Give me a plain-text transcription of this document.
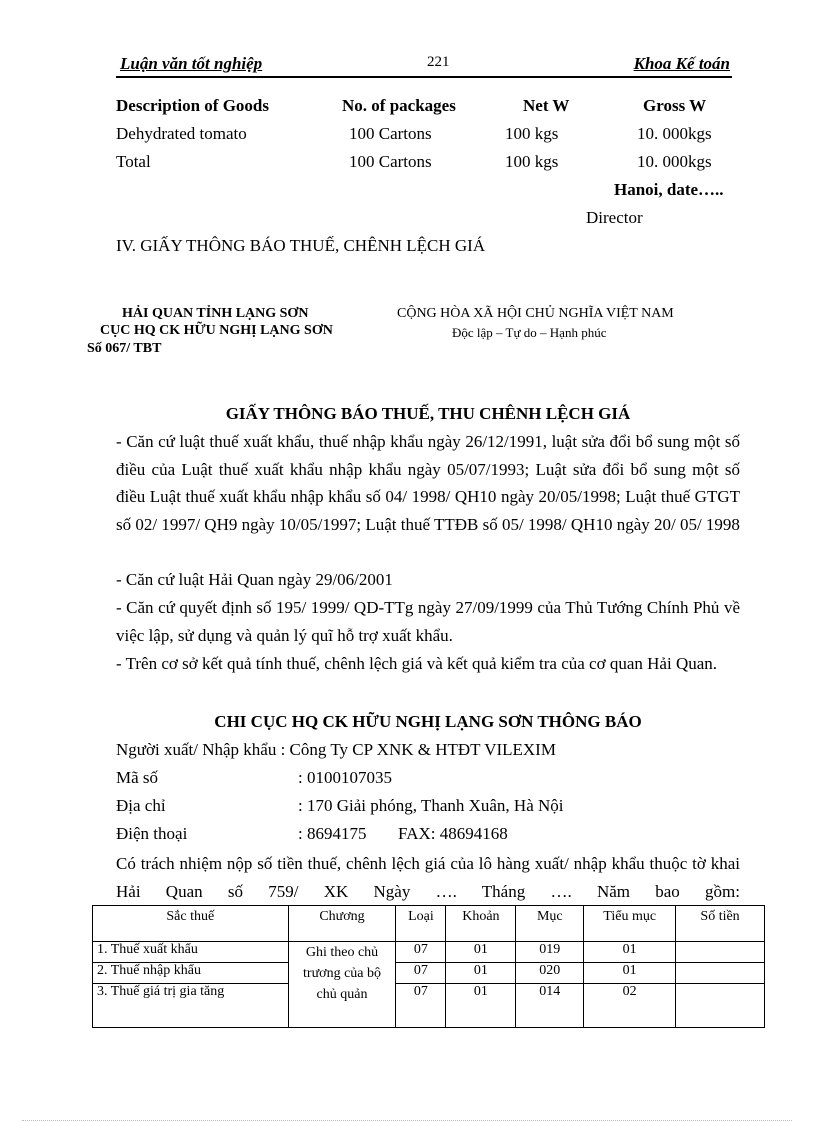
Luận văn tốt nghiệp	221	Khoa Kế toán
Description of Goods	No. of packages	Net W	Gross W
Dehydrated tomato	100 Cartons	100 kgs	10. 000kgs
Total	100 Cartons	100 kgs	10. 000kgs
Hanoi, date…..
Director
IV. GIẤY THÔNG BÁO THUẾ, CHÊNH LỆCH GIÁ
HẢI QUAN TỈNH LẠNG SƠN
CỤC HQ CK HỮU NGHỊ LẠNG SƠN
Số 067/ TBT
CỘNG HÒA XÃ HỘI CHỦ NGHĨA VIỆT NAM
Độc lập – Tự do – Hạnh phúc
GIẤY THÔNG BÁO THUẾ, THU CHÊNH LỆCH GIÁ
- Căn cứ luật thuế xuất khẩu, thuế nhập khẩu ngày 26/12/1991, luật sửa đổi bổ sung một số điều của Luật thuế xuất khẩu nhập khẩu ngày 05/07/1993; Luật sửa đổi bổ sung một số điều Luật thuế xuất khẩu nhập khẩu số 04/ 1998/ QH10 ngày 20/05/1998; Luật thuế GTGT số 02/ 1997/ QH9 ngày 10/05/1997; Luật thuế TTĐB số 05/ 1998/ QH10 ngày 20/ 05/ 1998
- Căn cứ luật Hải Quan ngày 29/06/2001
- Căn cứ quyết định số 195/ 1999/ QD-TTg ngày 27/09/1999 của Thủ Tướng Chính Phủ về việc lập, sử dụng và quản lý quĩ hỗ trợ xuất khẩu.
- Trên cơ sở kết quả tính thuế, chênh lệch giá và kết quả kiểm tra của cơ quan Hải Quan.
CHI CỤC HQ CK HỮU NGHỊ LẠNG SƠN THÔNG BÁO
Người xuất/ Nhập khẩu : Công Ty CP XNK & HTĐT VILEXIM
Mã số	: 0100107035
Địa chỉ	: 170 Giải phóng, Thanh Xuân, Hà Nội
Điện thoại	: 8694175 FAX: 48694168
Có trách nhiệm nộp số tiền thuế, chênh lệch giá của lô hàng xuất/ nhập khẩu thuộc tờ khai Hải Quan số 759/ XK Ngày …. Tháng …. Năm bao gồm:
Sắc thuế	Chương	Loại	Khoản	Mục	Tiểu mục	Số tiền
1. Thuế xuất khẩu	Ghi theo chủ trương của bộ chủ quản	07	01	019	01	
2. Thuế nhập khẩu		07	01	020	01	
3. Thuế giá trị gia tăng		07	01	014	02	
